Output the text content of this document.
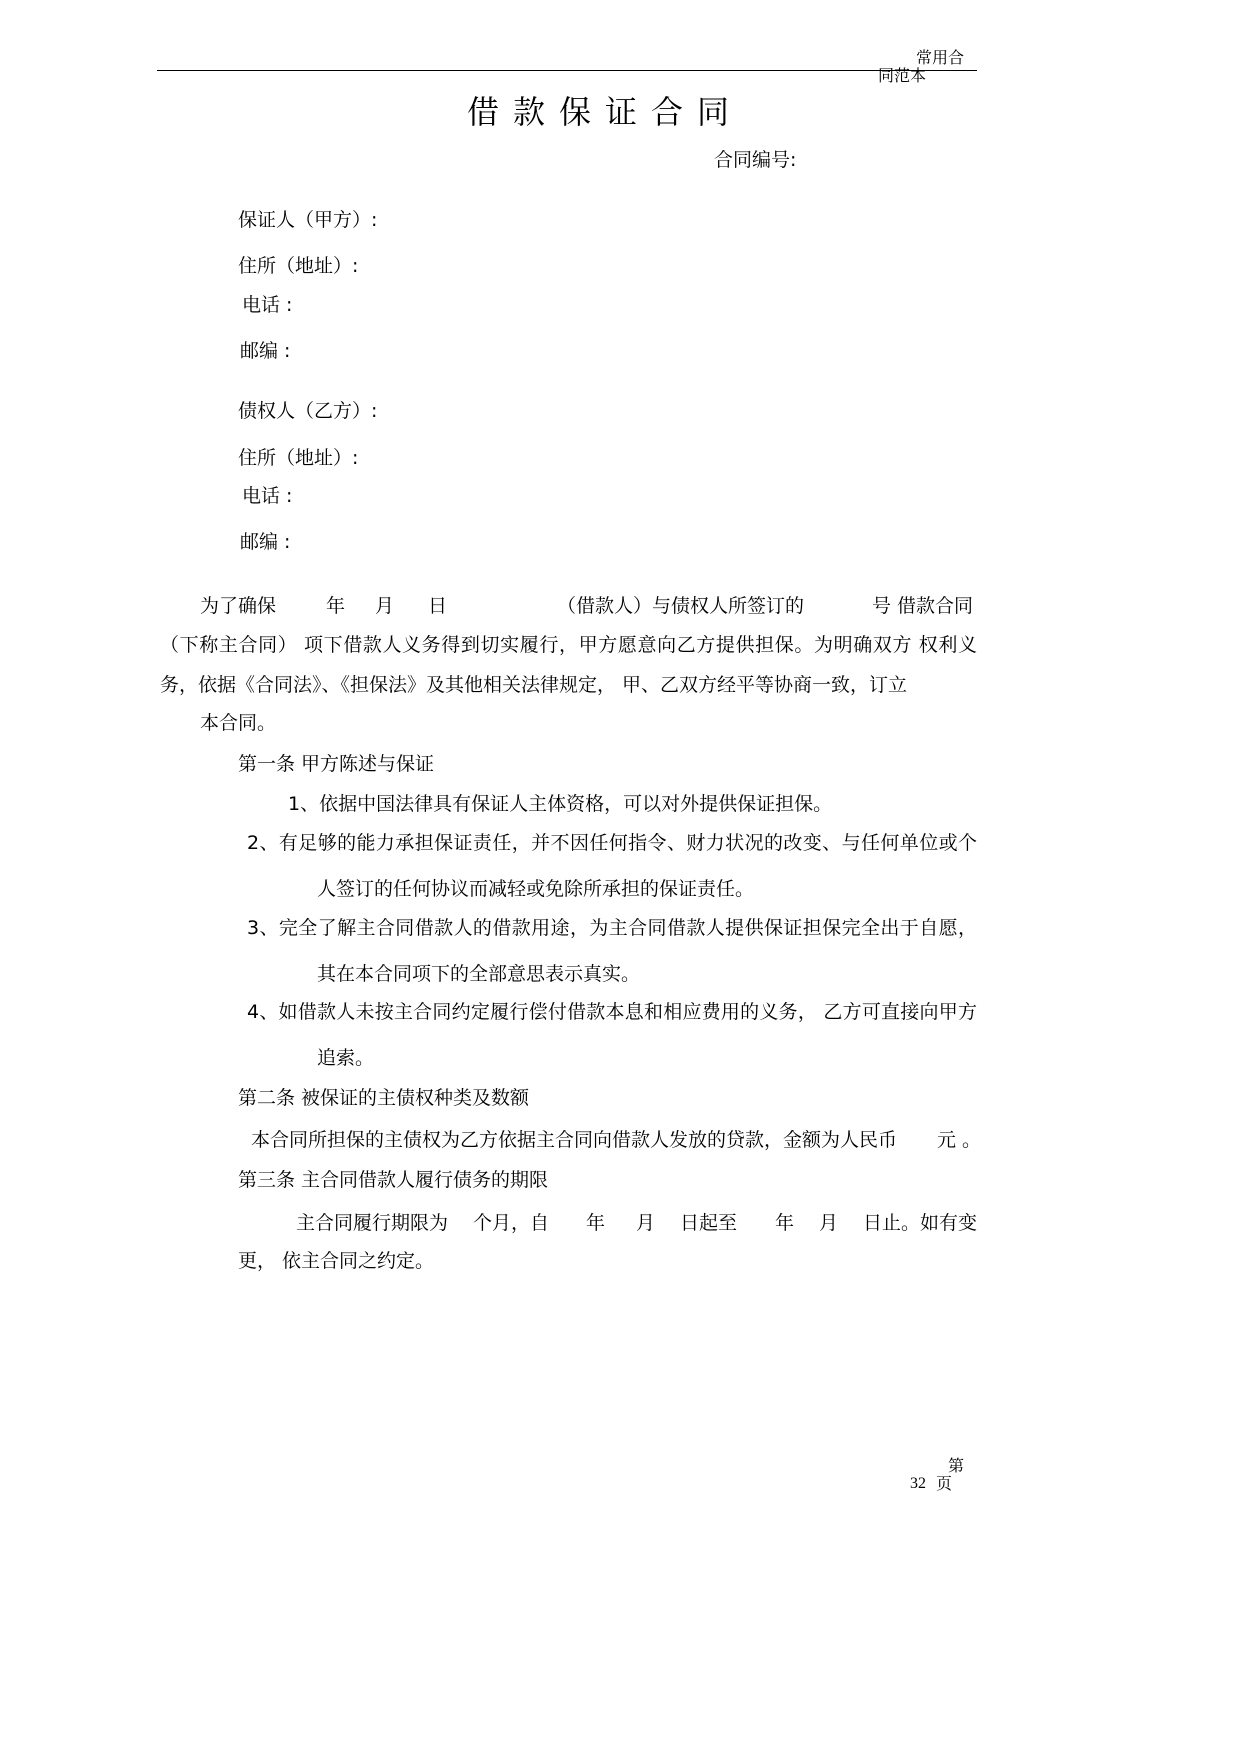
常用合
同范本
借款保证合同
合同编号:
保证人（甲方）:
住所（地址）:
电话 :
邮编 :
债权人（乙方）:
住所（地址）:
电话 :
邮编 :
为了确保	年 月 日	（借款人）与债权人所签订的	号 借款合同
（下称主合同） 项下借款人义务得到切实履行，甲方愿意向乙方提供担保。为明确双方 权利义
务，依据《合同法》、《担保法》及其他相关法律规定， 甲、乙双方经平等协商一致，订立
本合同。
第一条 甲方陈述与保证
1、依据中国法律具有保证人主体资格，可以对外提供保证担保。
2、有足够的能力承担保证责任，并不因任何指令、财力状况的改变、与任何单位或个
人签订的任何协议而减轻或免除所承担的保证责任。
3、完全了解主合同借款人的借款用途，为主合同借款人提供保证担保完全出于自愿，
其在本合同项下的全部意思表示真实。
4、如借款人未按主合同约定履行偿付借款本息和相应费用的义务， 乙方可直接向甲方
追索。
第二条 被保证的主债权种类及数额
本合同所担保的主债权为乙方依据主合同向借款人发放的贷款，金额为人民币 元 。
第三条 主合同借款人履行债务的期限
主合同履行期限为 个月，自 年 月 日起至 年 月 日止。如有变
更， 依主合同之约定。
第
32 页
